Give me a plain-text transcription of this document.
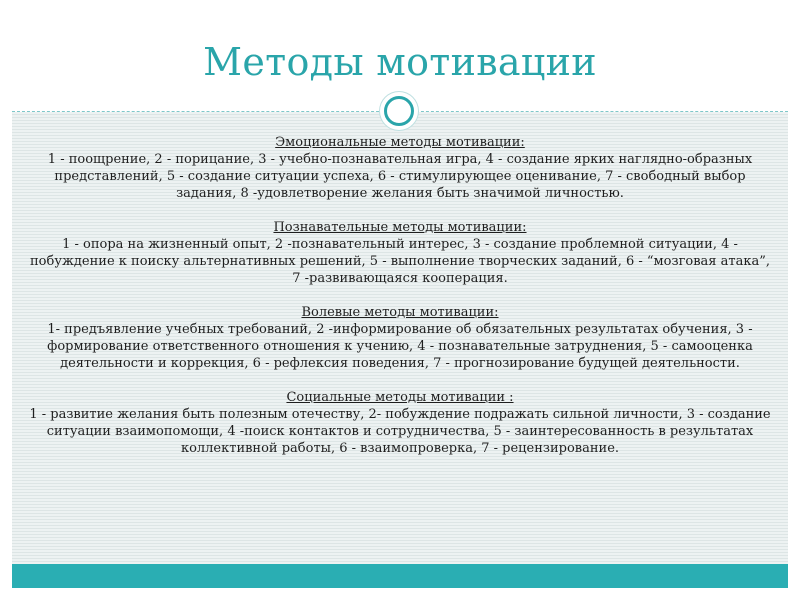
Методы мотивации
Эмоциональные методы мотивации:

1 - поощрение, 2 - порицание, 3 - учебно-познавательная игра, 4 - создание ярких наглядно-образных представлений, 5 - создание ситуации успеха, 6 - стимулирующее оценивание, 7 - свободный выбор задания, 8 -удовлетворение желания быть значимой личностью.

Познавательные методы мотивации:

1 - опора на жизненный опыт, 2 -познавательный интерес, 3 - создание проблемной ситуации, 4 - побуждение к поиску альтернативных решений, 5 - выполнение творческих заданий, 6 - “мозговая атака”, 7 -развивающаяся кооперация.

Волевые методы мотивации:

1- предъявление учебных требований, 2 -информирование об обязательных результатах обучения, 3 - формирование ответственного отношения к учению, 4 - познавательные затруднения, 5 - самооценка деятельности и коррекция, 6 - рефлексия поведения, 7 - прогнозирование будущей деятельности.

Социальные методы мотивации :

1 - развитие желания быть полезным отечеству, 2- побуждение подражать сильной личности, 3 - создание ситуации взаимопомощи, 4 -поиск контактов и сотрудничества, 5 - заинтересованность в результатах коллективной работы, 6 - взаимопроверка, 7 - рецензирование.
